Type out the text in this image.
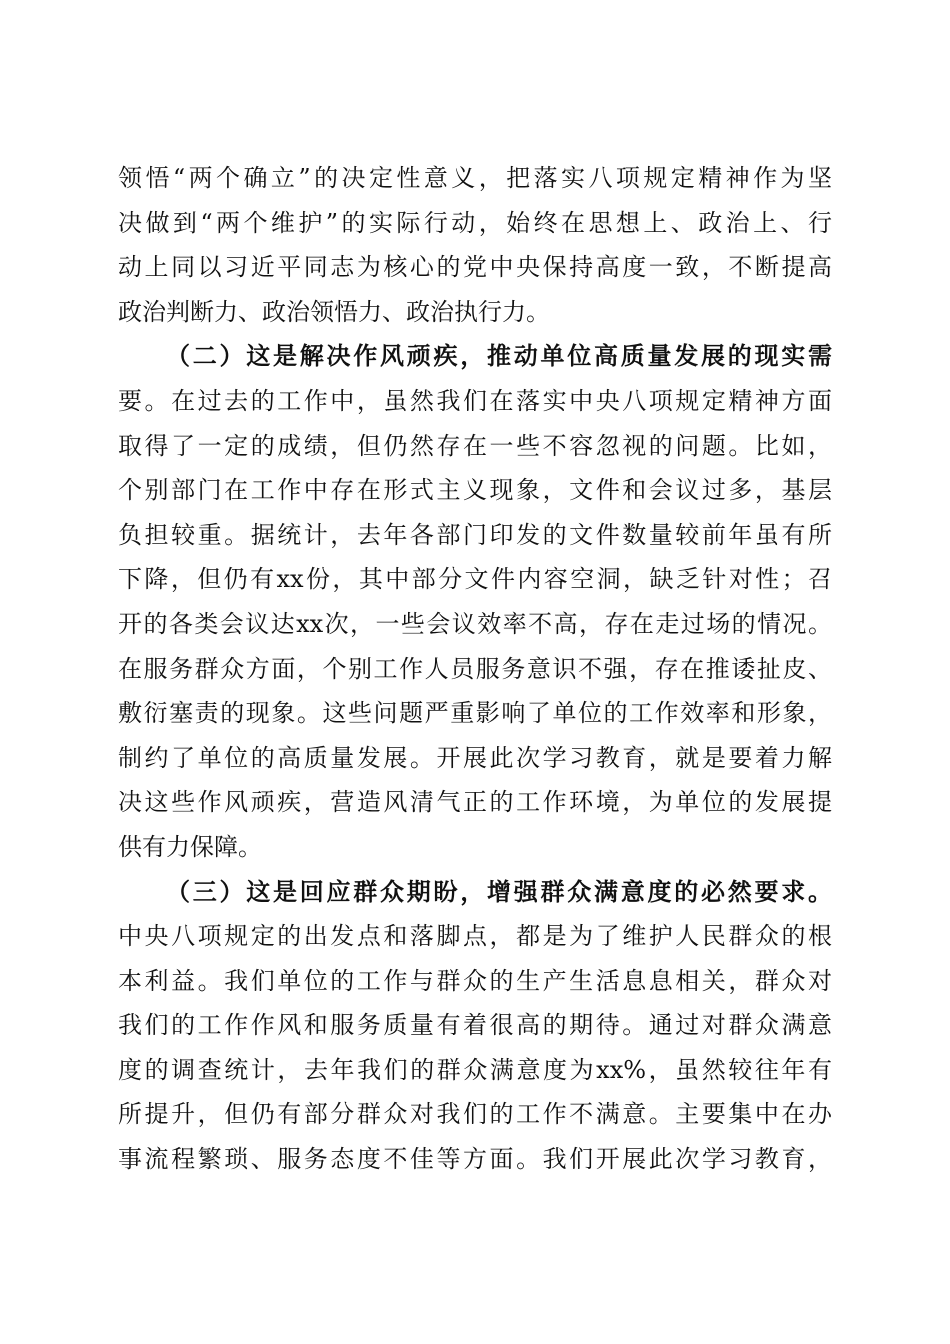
领悟“两个确立”的决定性意义，把落实八项规定精神作为坚
决做到“两个维护”的实际行动，始终在思想上、政治上、行
动上同以习近平同志为核心的党中央保持高度一致，不断提高
政治判断力、政治领悟力、政治执行力。
（二）这是解决作风顽疾，推动单位高质量发展的现实需
要。在过去的工作中，虽然我们在落实中央八项规定精神方面
取得了一定的成绩，但仍然存在一些不容忽视的问题。比如，
个别部门在工作中存在形式主义现象，文件和会议过多，基层
负担较重。据统计，去年各部门印发的文件数量较前年虽有所
下降，但仍有xx份，其中部分文件内容空洞，缺乏针对性；召
开的各类会议达xx次，一些会议效率不高，存在走过场的情况。
在服务群众方面，个别工作人员服务意识不强，存在推诿扯皮、
敷衍塞责的现象。这些问题严重影响了单位的工作效率和形象，
制约了单位的高质量发展。开展此次学习教育，就是要着力解
决这些作风顽疾，营造风清气正的工作环境，为单位的发展提
供有力保障。
（三）这是回应群众期盼，增强群众满意度的必然要求。
中央八项规定的出发点和落脚点，都是为了维护人民群众的根
本利益。我们单位的工作与群众的生产生活息息相关，群众对
我们的工作作风和服务质量有着很高的期待。通过对群众满意
度的调查统计，去年我们的群众满意度为xx%，虽然较往年有
所提升，但仍有部分群众对我们的工作不满意。主要集中在办
事流程繁琐、服务态度不佳等方面。我们开展此次学习教育，
